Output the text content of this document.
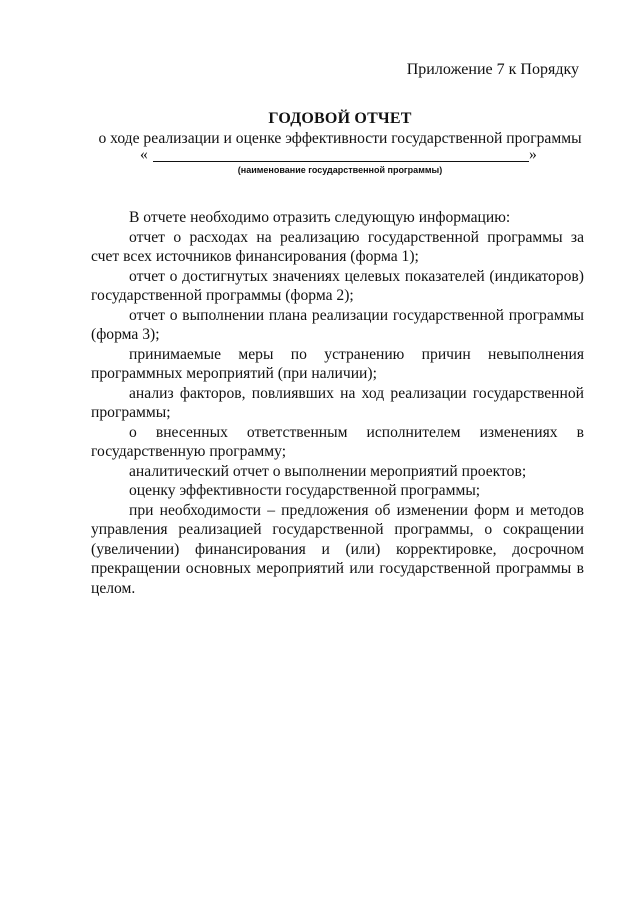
Приложение 7 к Порядку
ГОДОВОЙ ОТЧЕТ
о ходе реализации и оценке эффективности государственной программы
«	»
(наименование государственной программы)

В отчете необходимо отразить следующую информацию:

отчет о расходах на реализацию государственной программы за счет всех источников финансирования (форма 1);

отчет о достигнутых значениях целевых показателей (индикаторов) государственной программы (форма 2);

отчет о выполнении плана реализации государственной программы (форма 3);

принимаемые меры по устранению причин невыполнения программных мероприятий (при наличии);

анализ факторов, повлиявших на ход реализации государственной программы;

о внесенных ответственным исполнителем изменениях в государственную программу;

аналитический отчет о выполнении мероприятий проектов;

оценку эффективности государственной программы;

при необходимости – предложения об изменении форм и методов управления реализацией государственной программы, о сокращении (увеличении) финансирования и (или) корректировке, досрочном прекращении основных мероприятий или государственной программы в целом.
